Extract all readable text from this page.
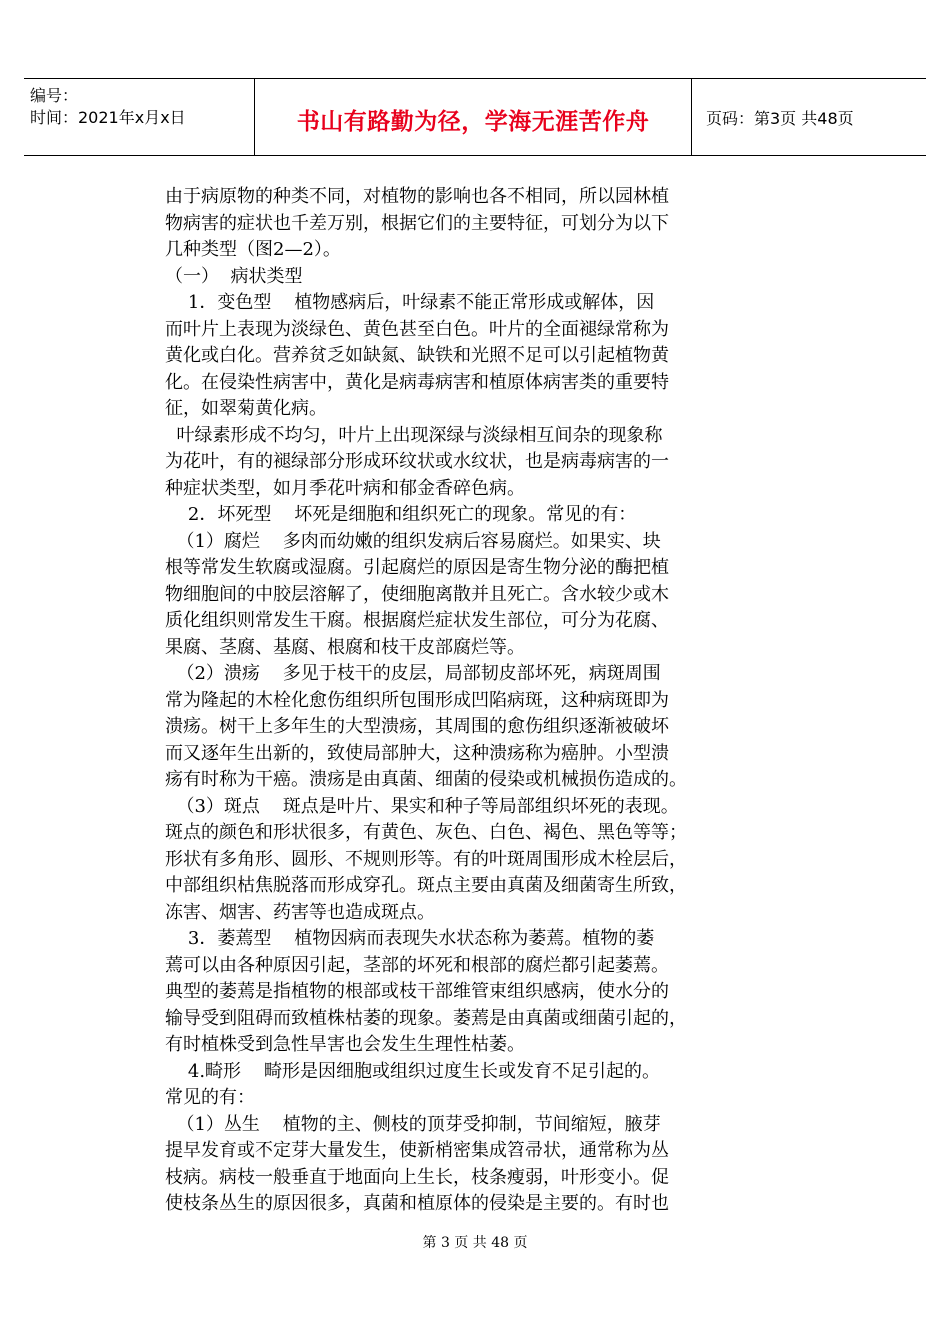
编号：
时间：2021年x月x日	书山有路勤为径，学海无涯苦作舟	页码：第3页 共48页
由于病原物的种类不同，对植物的影响也各不相同，所以园林植
物病害的症状也千差万别，根据它们的主要特征，可划分为以下
几种类型（图2—2）。
（一）  病状类型
1．变色型    植物感病后，叶绿素不能正常形成或解体，因
而叶片上表现为淡绿色、黄色甚至白色。叶片的全面褪绿常称为
黄化或白化。营养贫乏如缺氮、缺铁和光照不足可以引起植物黄
化。在侵染性病害中，黄化是病毒病害和植原体病害类的重要特
征，如翠菊黄化病。
叶绿素形成不均匀，叶片上出现深绿与淡绿相互间杂的现象称
为花叶，有的褪绿部分形成环纹状或水纹状，也是病毒病害的一
种症状类型，如月季花叶病和郁金香碎色病。
2．坏死型    坏死是细胞和组织死亡的现象。常见的有：
（1）腐烂    多肉而幼嫩的组织发病后容易腐烂。如果实、块
根等常发生软腐或湿腐。引起腐烂的原因是寄生物分泌的酶把植
物细胞间的中胶层溶解了，使细胞离散并且死亡。含水较少或木
质化组织则常发生干腐。根据腐烂症状发生部位，可分为花腐、
果腐、茎腐、基腐、根腐和枝干皮部腐烂等。
（2）溃疡    多见于枝干的皮层，局部韧皮部坏死，病斑周围
常为隆起的木栓化愈伤组织所包围形成凹陷病斑，这种病斑即为
溃疡。树干上多年生的大型溃疡，其周围的愈伤组织逐渐被破坏
而又逐年生出新的，致使局部肿大，这种溃疡称为癌肿。小型溃
疡有时称为干癌。溃疡是由真菌、细菌的侵染或机械损伤造成的。
（3）斑点    斑点是叶片、果实和种子等局部组织坏死的表现。
斑点的颜色和形状很多，有黄色、灰色、白色、褐色、黑色等等；
形状有多角形、圆形、不规则形等。有的叶斑周围形成木栓层后，
中部组织枯焦脱落而形成穿孔。斑点主要由真菌及细菌寄生所致，
冻害、烟害、药害等也造成斑点。
3．萎蔫型    植物因病而表现失水状态称为萎蔫。植物的萎
蔫可以由各种原因引起，茎部的坏死和根部的腐烂都引起萎蔫。
典型的萎蔫是指植物的根部或枝干部维管束组织感病，使水分的
输导受到阻碍而致植株枯萎的现象。萎蔫是由真菌或细菌引起的，
有时植株受到急性旱害也会发生生理性枯萎。
4.畸形    畸形是因细胞或组织过度生长或发育不足引起的。
常见的有：
（1）丛生    植物的主、侧枝的顶芽受抑制，节间缩短，腋芽
提早发育或不定芽大量发生，使新梢密集成笤帚状，通常称为丛
枝病。病枝一般垂直于地面向上生长，枝条瘦弱，叶形变小。促
使枝条丛生的原因很多，真菌和植原体的侵染是主要的。有时也
第 3 页 共 48 页
